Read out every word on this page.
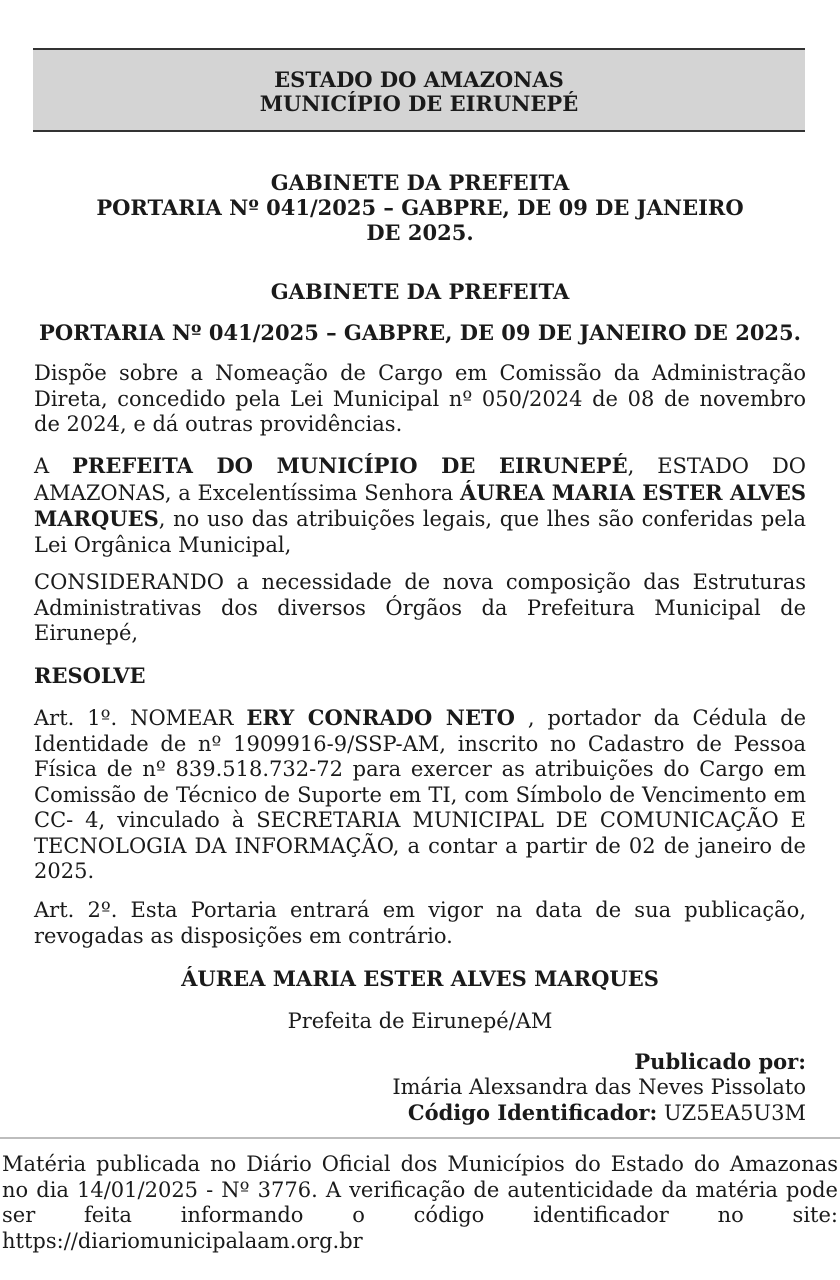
ESTADO DO AMAZONAS
MUNICÍPIO DE EIRUNEPÉ
GABINETE DA PREFEITA
PORTARIA Nº 041/2025 – GABPRE, DE 09 DE JANEIRO DE 2025.
GABINETE DA PREFEITA
PORTARIA Nº 041/2025 – GABPRE, DE 09 DE JANEIRO DE 2025.
Dispõe sobre a Nomeação de Cargo em Comissão da Administração Direta, concedido pela Lei Municipal nº 050/2024 de 08 de novembro de 2024, e dá outras providências.
A PREFEITA DO MUNICÍPIO DE EIRUNEPÉ, ESTADO DO AMAZONAS, a Excelentíssima Senhora ÁUREA MARIA ESTER ALVES MARQUES, no uso das atribuições legais, que lhes são conferidas pela Lei Orgânica Municipal,
CONSIDERANDO a necessidade de nova composição das Estruturas Administrativas dos diversos Órgãos da Prefeitura Municipal de Eirunepé,
RESOLVE
Art. 1º. NOMEAR ERY CONRADO NETO , portador da Cédula de Identidade de nº 1909916-9/SSP-AM, inscrito no Cadastro de Pessoa Física de nº 839.518.732-72 para exercer as atribuições do Cargo em Comissão de Técnico de Suporte em TI, com Símbolo de Vencimento em CC- 4, vinculado à SECRETARIA MUNICIPAL DE COMUNICAÇÃO E TECNOLOGIA DA INFORMAÇÃO, a contar a partir de 02 de janeiro de 2025.
Art. 2º. Esta Portaria entrará em vigor na data de sua publicação, revogadas as disposições em contrário.
ÁUREA MARIA ESTER ALVES MARQUES
Prefeita de Eirunepé/AM
Publicado por:
Imária Alexsandra das Neves Pissolato
Código Identificador: UZ5EA5U3M
Matéria publicada no Diário Oficial dos Municípios do Estado do Amazonas no dia 14/01/2025 - Nº 3776. A verificação de autenticidade da matéria pode ser feita informando o código identificador no site: https://diariomunicipalaam.org.br
